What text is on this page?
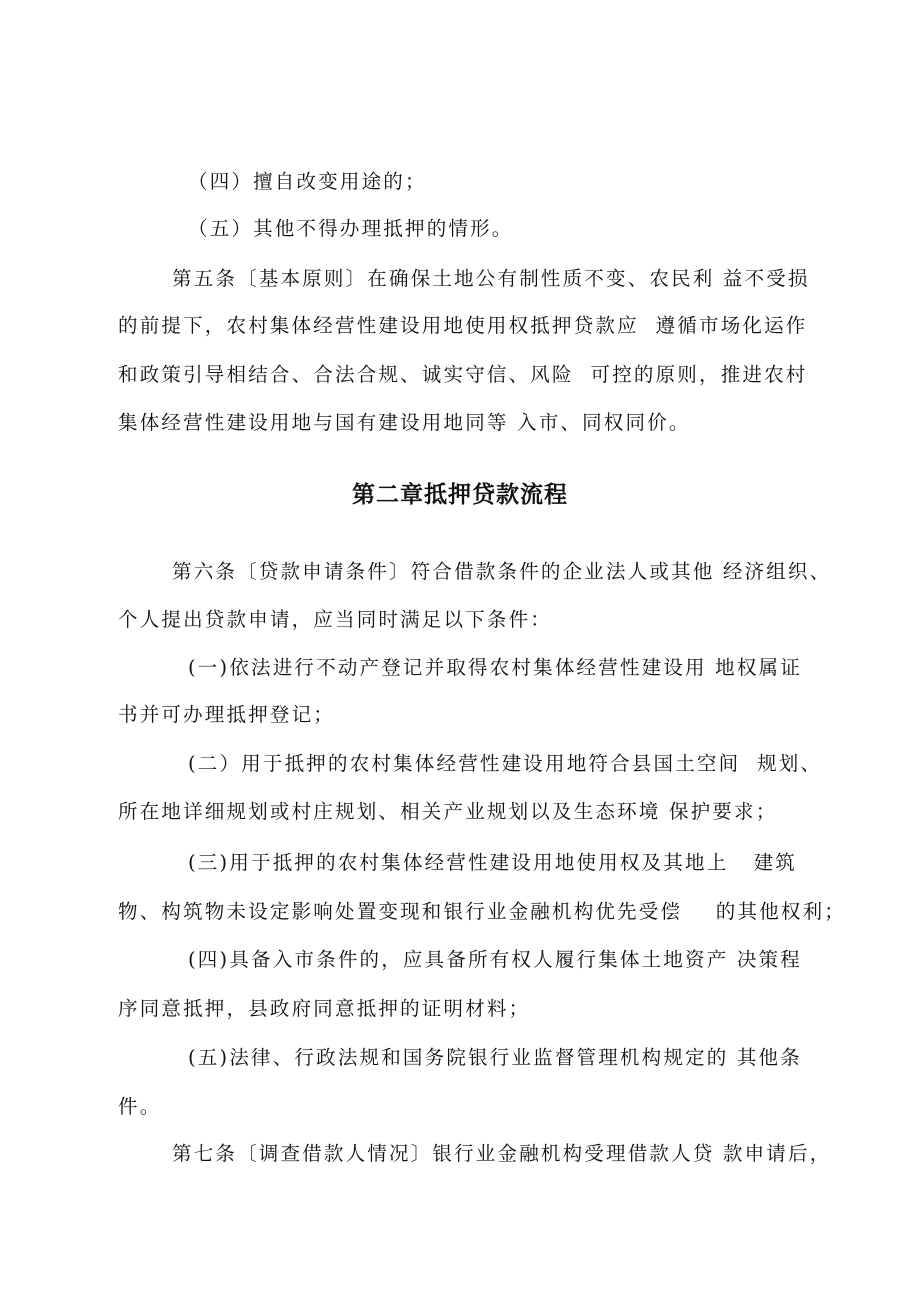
（四）擅自改变用途的；
（五）其他不得办理抵押的情形。
第五条〔基本原则〕在确保土地公有制性质不变、农民利 益不受损
的前提下，农村集体经营性建设用地使用权抵押贷款应  遵循市场化运作
和政策引导相结合、合法合规、诚实守信、风险  可控的原则，推进农村
集体经营性建设用地与国有建设用地同等 入市、同权同价。
第二章抵押贷款流程
第六条〔贷款申请条件〕符合借款条件的企业法人或其他 经济组织、
个人提出贷款申请，应当同时满足以下条件：
(一)依法进行不动产登记并取得农村集体经营性建设用 地权属证
书并可办理抵押登记；
(二）用于抵押的农村集体经营性建设用地符合县国土空间  规划、
所在地详细规划或村庄规划、相关产业规划以及生态环境 保护要求；
(三)用于抵押的农村集体经营性建设用地使用权及其地上   建筑
物、构筑物未设定影响处置变现和银行业金融机构优先受偿    的其他权利；
(四)具备入市条件的，应具备所有权人履行集体土地资产 决策程
序同意抵押，县政府同意抵押的证明材料；
(五)法律、行政法规和国务院银行业监督管理机构规定的 其他条
件。
第七条〔调查借款人情况〕银行业金融机构受理借款人贷 款申请后，
